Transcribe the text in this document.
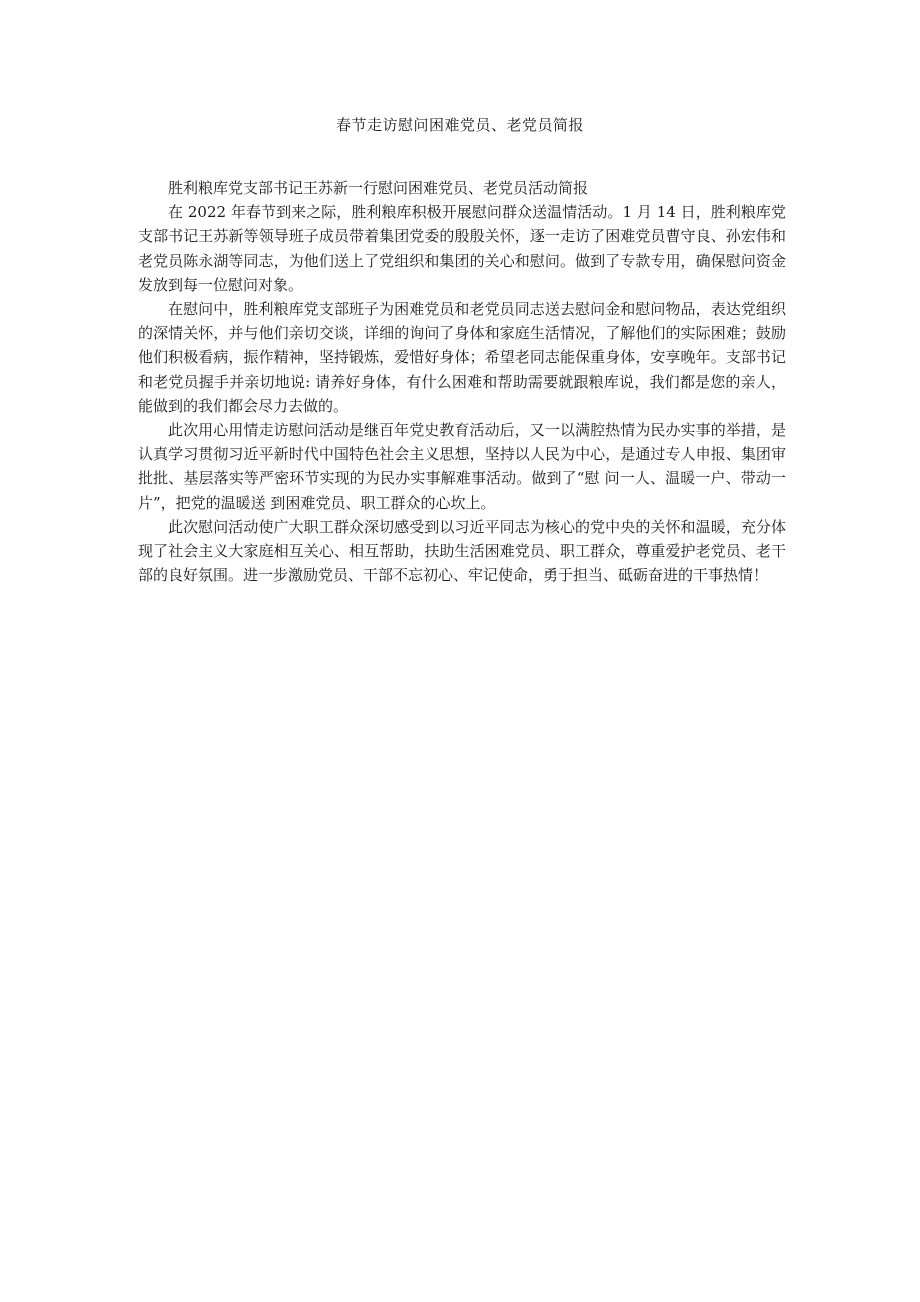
春节走访慰问困难党员、老党员简报

胜利粮库党支部书记王苏新一行慰问困难党员、老党员活动简报

在 2022 年春节到来之际，胜利粮库积极开展慰问群众送温情活动。1 月 14 日，胜利粮库党支部书记王苏新等领导班子成员带着集团党委的殷殷关怀，逐一走访了困难党员曹守良、孙宏伟和老党员陈永湖等同志，为他们送上了党组织和集团的关心和慰问。做到了专款专用，确保慰问资金发放到每一位慰问对象。

在慰问中，胜利粮库党支部班子为困难党员和老党员同志送去慰问金和慰问物品，表达党组织的深情关怀，并与他们亲切交谈，详细的询问了身体和家庭生活情况，了解他们的实际困难；鼓励他们积极看病，振作精神，坚持锻炼，爱惜好身体；希望老同志能保重身体，安享晚年。支部书记和老党员握手并亲切地说: 请养好身体，有什么困难和帮助需要就跟粮库说，我们都是您的亲人，能做到的我们都会尽力去做的。

此次用心用情走访慰问活动是继百年党史教育活动后，又一以满腔热情为民办实事的举措，是认真学习贯彻习近平新时代中国特色社会主义思想，坚持以人民为中心，是通过专人申报、集团审批批、基层落实等严密环节实现的为民办实事解难事活动。做到了“慰 问一人、温暖一户、带动一片”，把党的温暖送 到困难党员、职工群众的心坎上。

此次慰问活动使广大职工群众深切感受到以习近平同志为核心的党中央的关怀和温暖，充分体现了社会主义大家庭相互关心、相互帮助，扶助生活困难党员、职工群众，尊重爱护老党员、老干部的良好氛围。进一步激励党员、干部不忘初心、牢记使命，勇于担当、砥砺奋进的干事热情！
